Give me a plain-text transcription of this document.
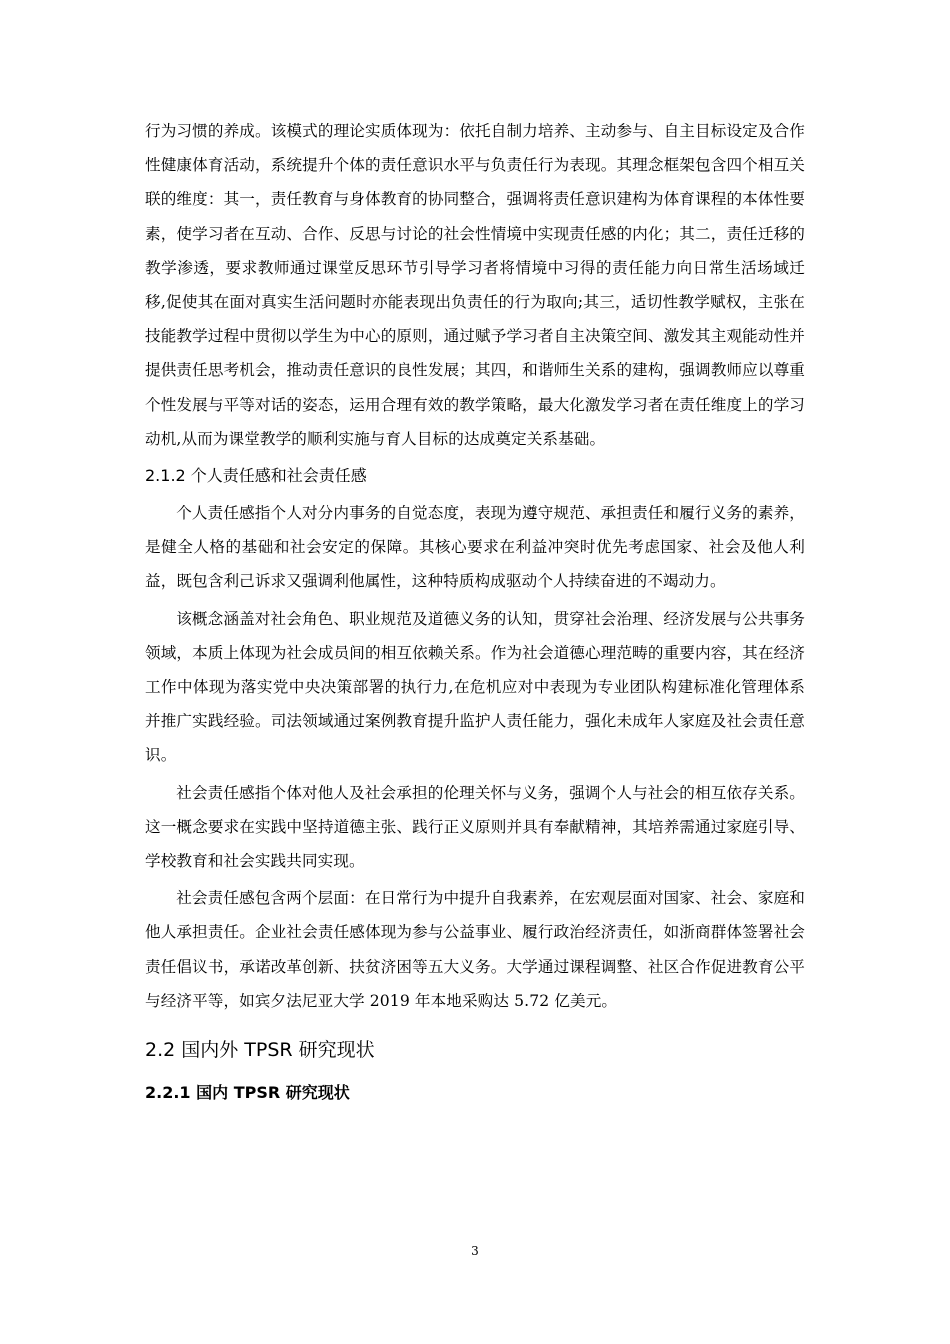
行为习惯的养成。该模式的理论实质体现为：依托自制力培养、主动参与、自主目标设定及合作性健康体育活动，系统提升个体的责任意识水平与负责任行为表现。其理念框架包含四个相互关联的维度：其一，责任教育与身体教育的协同整合，强调将责任意识建构为体育课程的本体性要素，使学习者在互动、合作、反思与讨论的社会性情境中实现责任感的内化；其二，责任迁移的教学渗透，要求教师通过课堂反思环节引导学习者将情境中习得的责任能力向日常生活场域迁移,促使其在面对真实生活问题时亦能表现出负责任的行为取向;其三，适切性教学赋权，主张在技能教学过程中贯彻以学生为中心的原则，通过赋予学习者自主决策空间、激发其主观能动性并提供责任思考机会，推动责任意识的良性发展；其四，和谐师生关系的建构，强调教师应以尊重个性发展与平等对话的姿态，运用合理有效的教学策略，最大化激发学习者在责任维度上的学习动机,从而为课堂教学的顺利实施与育人目标的达成奠定关系基础。

2.1.2 个人责任感和社会责任感

个人责任感指个人对分内事务的自觉态度，表现为遵守规范、承担责任和履行义务的素养，是健全人格的基础和社会安定的保障。其核心要求在利益冲突时优先考虑国家、社会及他人利益，既包含利己诉求又强调利他属性，这种特质构成驱动个人持续奋进的不竭动力。

该概念涵盖对社会角色、职业规范及道德义务的认知，贯穿社会治理、经济发展与公共事务领域，本质上体现为社会成员间的相互依赖关系。作为社会道德心理范畴的重要内容，其在经济工作中体现为落实党中央决策部署的执行力,在危机应对中表现为专业团队构建标准化管理体系并推广实践经验。司法领域通过案例教育提升监护人责任能力，强化未成年人家庭及社会责任意识。

社会责任感指个体对他人及社会承担的伦理关怀与义务，强调个人与社会的相互依存关系。这一概念要求在实践中坚持道德主张、践行正义原则并具有奉献精神，其培养需通过家庭引导、学校教育和社会实践共同实现。

社会责任感包含两个层面：在日常行为中提升自我素养，在宏观层面对国家、社会、家庭和他人承担责任。企业社会责任感体现为参与公益事业、履行政治经济责任，如浙商群体签署社会责任倡议书，承诺改革创新、扶贫济困等五大义务。大学通过课程调整、社区合作促进教育公平与经济平等，如宾夕法尼亚大学 2019 年本地采购达 5.72 亿美元。

2.2 国内外 TPSR 研究现状
2.2.1 国内 TPSR 研究现状
3
